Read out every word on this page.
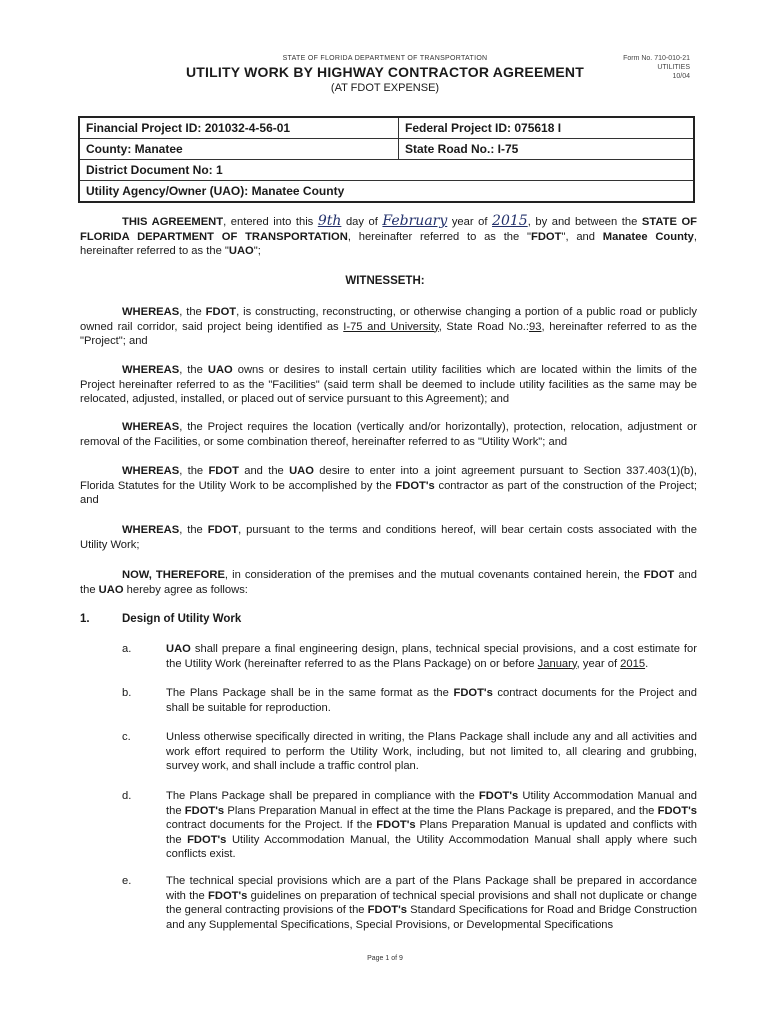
STATE OF FLORIDA DEPARTMENT OF TRANSPORTATION
UTILITY WORK BY HIGHWAY CONTRACTOR AGREEMENT
(AT FDOT EXPENSE)
Form No. 710-010-21
UTILITIES
10/04
Financial Project ID: 201032-4-56-01	Federal Project ID: 075618 I
County: Manatee	State Road No.: I-75
District Document No: 1	
Utility Agency/Owner (UAO): Manatee County	
THIS AGREEMENT, entered into this 9th day of February year of 2015, by and between the STATE OF FLORIDA DEPARTMENT OF TRANSPORTATION, hereinafter referred to as the "FDOT", and Manatee County, hereinafter referred to as the "UAO";
WITNESSETH:
WHEREAS, the FDOT, is constructing, reconstructing, or otherwise changing a portion of a public road or publicly owned rail corridor, said project being identified as I-75 and University, State Road No.:93, hereinafter referred to as the "Project"; and
WHEREAS, the UAO owns or desires to install certain utility facilities which are located within the limits of the Project hereinafter referred to as the "Facilities" (said term shall be deemed to include utility facilities as the same may be relocated, adjusted, installed, or placed out of service pursuant to this Agreement); and
WHEREAS, the Project requires the location (vertically and/or horizontally), protection, relocation, adjustment or removal of the Facilities, or some combination thereof, hereinafter referred to as "Utility Work"; and
WHEREAS, the FDOT and the UAO desire to enter into a joint agreement pursuant to Section 337.403(1)(b), Florida Statutes for the Utility Work to be accomplished by the FDOT's contractor as part of the construction of the Project; and
WHEREAS, the FDOT, pursuant to the terms and conditions hereof, will bear certain costs associated with the Utility Work;
NOW, THEREFORE, in consideration of the premises and the mutual covenants contained herein, the FDOT and the UAO hereby agree as follows:
1.	Design of Utility Work
a.	UAO shall prepare a final engineering design, plans, technical special provisions, and a cost estimate for the Utility Work (hereinafter referred to as the Plans Package) on or before January, year of 2015.
b.	The Plans Package shall be in the same format as the FDOT's contract documents for the Project and shall be suitable for reproduction.
c.	Unless otherwise specifically directed in writing, the Plans Package shall include any and all activities and work effort required to perform the Utility Work, including, but not limited to, all clearing and grubbing, survey work, and shall include a traffic control plan.
d.	The Plans Package shall be prepared in compliance with the FDOT's Utility Accommodation Manual and the FDOT's Plans Preparation Manual in effect at the time the Plans Package is prepared, and the FDOT's contract documents for the Project. If the FDOT's Plans Preparation Manual is updated and conflicts with the FDOT's Utility Accommodation Manual, the Utility Accommodation Manual shall apply where such conflicts exist.
e.	The technical special provisions which are a part of the Plans Package shall be prepared in accordance with the FDOT's guidelines on preparation of technical special provisions and shall not duplicate or change the general contracting provisions of the FDOT's Standard Specifications for Road and Bridge Construction and any Supplemental Specifications, Special Provisions, or Developmental Specifications
Page 1 of 9
